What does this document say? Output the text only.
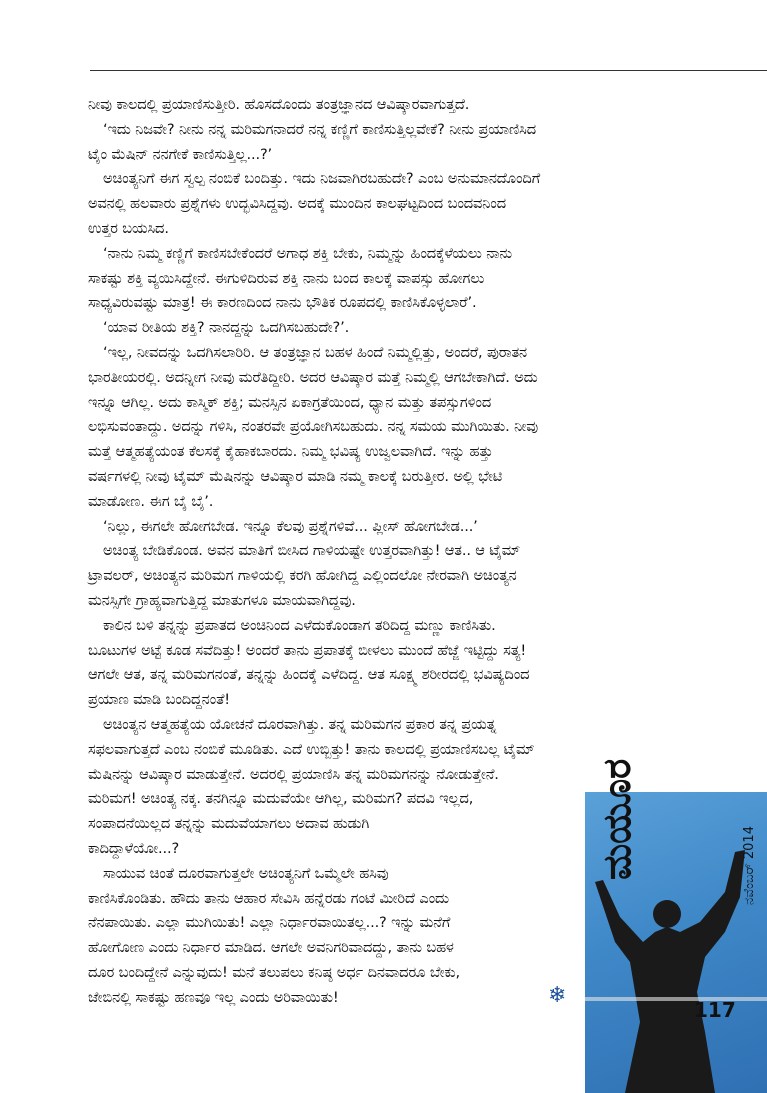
ನೀವು ಕಾಲದಲ್ಲಿ ಪ್ರಯಾಣಿಸುತ್ತೀರಿ. ಹೊಸದೊಂದು ತಂತ್ರಜ್ಞಾನದ ಆವಿಷ್ಕಾರವಾಗುತ್ತದೆ.
‘ಇದು ನಿಜವೇ? ನೀನು ನನ್ನ ಮರಿಮಗನಾದರೆ ನನ್ನ ಕಣ್ಣಿಗೆ ಕಾಣಿಸುತ್ತಿಲ್ಲವೇಕೆ? ನೀನು ಪ್ರಯಾಣಿಸಿದ
ಟೈಂ ಮೆಷಿನ್ ನನಗೇಕೆ ಕಾಣಿಸುತ್ತಿಲ್ಲ...?’
ಅಚಿಂತ್ಯನಿಗೆ ಈಗ ಸ್ವಲ್ಪ ನಂಬಿಕೆ ಬಂದಿತ್ತು. ಇದು ನಿಜವಾಗಿರಬಹುದೇ? ಎಂಬ ಅನುಮಾನದೊಂದಿಗೆ
ಅವನಲ್ಲಿ ಹಲವಾರು ಪ್ರಶ್ನೆಗಳು ಉದ್ಭವಿಸಿದ್ದವು. ಅದಕ್ಕೆ ಮುಂದಿನ ಕಾಲಘಟ್ಟದಿಂದ ಬಂದವನಿಂದ
ಉತ್ತರ ಬಯಸಿದ.
‘ನಾನು ನಿಮ್ಮ ಕಣ್ಣಿಗೆ ಕಾಣಿಸಬೇಕೆಂದರೆ ಅಗಾಧ ಶಕ್ತಿ ಬೇಕು, ನಿಮ್ಮನ್ನು ಹಿಂದಕ್ಕೆಳೆಯಲು ನಾನು
ಸಾಕಷ್ಟು ಶಕ್ತಿ ವ್ಯಯಿಸಿದ್ದೇನೆ. ಈಗುಳಿದಿರುವ ಶಕ್ತಿ ನಾನು ಬಂದ ಕಾಲಕ್ಕೆ ವಾಪಸ್ಸು ಹೋಗಲು
ಸಾಧ್ಯವಿರುವಷ್ಟು ಮಾತ್ರ! ಈ ಕಾರಣದಿಂದ ನಾನು ಭೌತಿಕ ರೂಪದಲ್ಲಿ ಕಾಣಿಸಿಕೊಳ್ಳಲಾರೆ’.
‘ಯಾವ ರೀತಿಯ ಶಕ್ತಿ? ನಾನದ್ದನ್ನು ಒದಗಿಸಬಹುದೇ?’.
‘ಇಲ್ಲ, ನೀವದನ್ನು ಒದಗಿಸಲಾರಿರಿ. ಆ ತಂತ್ರಜ್ಞಾನ ಬಹಳ ಹಿಂದೆ ನಿಮ್ಮಲ್ಲಿತ್ತು, ಅಂದರೆ, ಪುರಾತನ
ಭಾರತೀಯರಲ್ಲಿ. ಅದನ್ನೀಗ ನೀವು ಮರೆತಿದ್ದೀರಿ. ಅದರ ಆವಿಷ್ಕಾರ ಮತ್ತೆ ನಿಮ್ಮಲ್ಲಿ ಆಗಬೇಕಾಗಿದೆ. ಅದು
ಇನ್ನೂ ಆಗಿಲ್ಲ. ಅದು ಕಾಸ್ಮಿಕ್ ಶಕ್ತಿ; ಮನಸ್ಸಿನ ಏಕಾಗ್ರತೆಯಿಂದ, ಧ್ಯಾನ ಮತ್ತು ತಪಸ್ಸುಗಳಿಂದ
ಲಭಿಸುವಂತಾದ್ದು. ಅದನ್ನು ಗಳಿಸಿ, ನಂತರವೇ ಪ್ರಯೋಗಿಸಬಹುದು. ನನ್ನ ಸಮಯ ಮುಗಿಯಿತು. ನೀವು
ಮತ್ತೆ ಆತ್ಮಹತ್ಯೆಯಂತ ಕೆಲಸಕ್ಕೆ ಕೈಹಾಕಬಾರದು. ನಿಮ್ಮ ಭವಿಷ್ಯ ಉಜ್ವಲವಾಗಿದೆ. ಇನ್ನು ಹತ್ತು
ವರ್ಷಗಳಲ್ಲಿ ನೀವು ಟೈಮ್ ಮೆಷಿನನ್ನು ಆವಿಷ್ಕಾರ ಮಾಡಿ ನಮ್ಮ ಕಾಲಕ್ಕೆ ಬರುತ್ತೀರ. ಅಲ್ಲಿ ಭೇಟಿ
ಮಾಡೋಣ. ಈಗ ಬೈ ಬೈ’.
‘ನಿಲ್ಲು, ಈಗಲೇ ಹೋಗಬೇಡ. ಇನ್ನೂ ಕೆಲವು ಪ್ರಶ್ನೆಗಳಿವೆ... ಪ್ಲೀಸ್ ಹೋಗಬೇಡ...’
ಅಚಿಂತ್ಯ ಬೇಡಿಕೊಂಡ. ಅವನ ಮಾತಿಗೆ ಬೀಸಿದ ಗಾಳಿಯಷ್ಟೇ ಉತ್ತರವಾಗಿತ್ತು! ಆತ.. ಆ ಟೈಮ್
ಟ್ರಾವಲರ್, ಅಚಿಂತ್ಯನ ಮರಿಮಗ ಗಾಳಿಯಲ್ಲಿ ಕರಗಿ ಹೋಗಿದ್ದ ಎಲ್ಲಿಂದಲೋ ನೇರವಾಗಿ ಅಚಿಂತ್ಯನ
ಮನಸ್ಸಿಗೇ ಗ್ರಾಹ್ಯವಾಗುತ್ತಿದ್ದ ಮಾತುಗಳೂ ಮಾಯವಾಗಿದ್ದವು.
ಕಾಲಿನ ಬಳಿ ತನ್ನನ್ನು ಪ್ರಪಾತದ ಅಂಚಿನಿಂದ ಎಳೆದುಕೊಂಡಾಗ ತರಿದಿದ್ದ ಮಣ್ಣು ಕಾಣಿಸಿತು.
ಬೂಟುಗಳ ಅಟ್ಟೆ ಕೂಡ ಸವೆದಿತ್ತು! ಅಂದರೆ ತಾನು ಪ್ರಪಾತಕ್ಕೆ ಬೀಳಲು ಮುಂದೆ ಹೆಜ್ಜೆ ಇಟ್ಟಿದ್ದು ಸತ್ಯ!
ಆಗಲೇ ಆತ, ತನ್ನ ಮರಿಮಗನಂತೆ, ತನ್ನನ್ನು ಹಿಂದಕ್ಕೆ ಎಳೆದಿದ್ದ. ಆತ ಸೂಕ್ಷ್ಮ ಶರೀರದಲ್ಲಿ ಭವಿಷ್ಯದಿಂದ
ಪ್ರಯಾಣ ಮಾಡಿ ಬಂದಿದ್ದನಂತೆ!
ಅಚಿಂತ್ಯನ ಆತ್ಮಹತ್ಯೆಯ ಯೋಚನೆ ದೂರವಾಗಿತ್ತು. ತನ್ನ ಮರಿಮಗನ ಪ್ರಕಾರ ತನ್ನ ಪ್ರಯತ್ನ
ಸಫಲವಾಗುತ್ತದೆ ಎಂಬ ನಂಬಿಕೆ ಮೂಡಿತು. ಎದೆ ಉಬ್ಬಿತ್ತು! ತಾನು ಕಾಲದಲ್ಲಿ ಪ್ರಯಾಣಿಸಬಲ್ಲ ಟೈಮ್
ಮೆಷಿನನ್ನು ಆವಿಷ್ಕಾರ ಮಾಡುತ್ತೇನೆ. ಅದರಲ್ಲಿ ಪ್ರಯಾಣಿಸಿ ತನ್ನ ಮರಿಮಗನನ್ನು ನೋಡುತ್ತೇನೆ.
ಮರಿಮಗ! ಅಚಿಂತ್ಯ ನಕ್ಕ. ತನಗಿನ್ನೂ ಮದುವೆಯೇ ಆಗಿಲ್ಲ, ಮರಿಮಗ? ಪದವಿ ಇಲ್ಲದ,
ಸಂಪಾದನೆಯಿಲ್ಲದ ತನ್ನನ್ನು ಮದುವೆಯಾಗಲು ಅದಾವ ಹುಡುಗಿ
ಕಾದಿದ್ದಾಳೆಯೋ...?
ಸಾಯುವ ಚಿಂತೆ ದೂರವಾಗುತ್ತಲೇ ಅಚಿಂತ್ಯನಿಗೆ ಒಮ್ಮೆಲೇ ಹಸಿವು
ಕಾಣಿಸಿಕೊಂಡಿತು. ಹೌದು ತಾನು ಆಹಾರ ಸೇವಿಸಿ ಹನ್ನೆರಡು ಗಂಟೆ ಮೀರಿದೆ ಎಂದು
ನೆನಪಾಯಿತು. ಎಲ್ಲಾ ಮುಗಿಯಿತು! ಎಲ್ಲಾ ನಿರ್ಧಾರವಾಯಿತಲ್ಲ...? ಇನ್ನು ಮನೆಗೆ
ಹೋಗೋಣ ಎಂದು ನಿರ್ಧಾರ ಮಾಡಿದ. ಆಗಲೇ ಅವನಿಗರಿವಾದದ್ದು, ತಾನು ಬಹಳ
ದೂರ ಬಂದಿದ್ದೇನೆ ಎನ್ನುವುದು! ಮನೆ ತಲುಪಲು ಕನಿಷ್ಠ ಅರ್ಧ ದಿನವಾದರೂ ಬೇಕು,
ಜೇಬಿನಲ್ಲಿ ಸಾಕಷ್ಟು ಹಣವೂ ಇಲ್ಲ ಎಂದು ಅರಿವಾಯಿತು!	❄
ಮಯೂರ	ನವೆಂಬರ್ 2014
117
